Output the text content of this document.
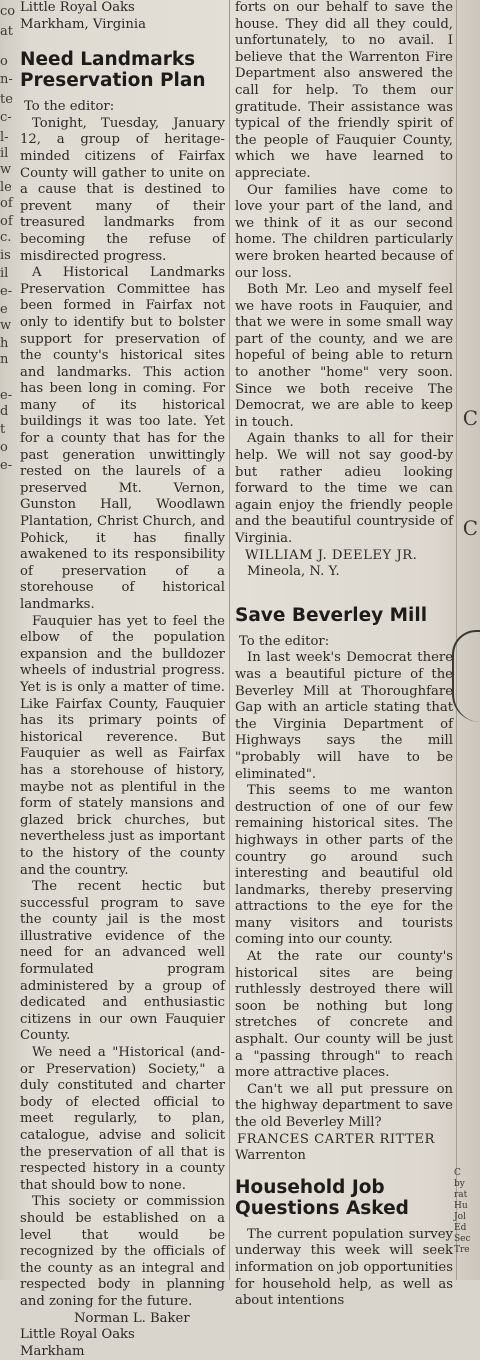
co
at
o
n-
te
c-
l-
il
w
le
of
of
c.
is
il
e-
e
w
h
n
e-
d
t
o
e-

Little Royal Oaks

Markham, Virginia

Need Landmarks Preservation Plan

To the editor:

Tonight, Tuesday, January 12, a group of heritage-minded citizens of Fairfax County will gather to unite on a cause that is destined to prevent many of their treasured landmarks from becoming the refuse of misdirected progress.

A Historical Landmarks Preservation Committee has been formed in Fairfax not only to identify but to bolster support for preservation of the county's historical sites and landmarks. This action has been long in coming. For many of its historical buildings it was too late. Yet for a county that has for the past generation unwittingly rested on the laurels of a preserved Mt. Vernon, Gunston Hall, Woodlawn Plantation, Christ Church, and Pohick, it has finally awakened to its responsibility of preservation of a storehouse of historical landmarks.

Fauquier has yet to feel the elbow of the population expansion and the bulldozer wheels of industrial progress. Yet is is only a matter of time. Like Fairfax County, Fauquier has its primary points of historical reverence. But Fauquier as well as Fairfax has a storehouse of history, maybe not as plentiful in the form of stately mansions and glazed brick churches, but nevertheless just as important to the history of the county and the country.

The recent hectic but successful program to save the county jail is the most illustrative evidence of the need for an advanced well formulated program administered by a group of dedicated and enthusiastic citizens in our own Fauquier County.

We need a "Historical (and-or Preservation) Society," a duly constituted and charter body of elected official to meet regularly, to plan, catalogue, advise and solicit the preservation of all that is respected history in a county that should bow to none.

This society or commission should be established on a level that would be recognized by the officials of the county as an integral and respected body in planning and zoning for the future.

Norman L. Baker

Little Royal Oaks

Markham

forts on our behalf to save the house. They did all they could, unfortunately, to no avail. I believe that the Warrenton Fire Department also answered the call for help. To them our gratitude. Their assistance was typical of the friendly spirit of the people of Fauquier County, which we have learned to appreciate.

Our families have come to love your part of the land, and we think of it as our second home. The children particularly were broken hearted because of our loss.

Both Mr. Leo and myself feel we have roots in Fauquier, and that we were in some small way part of the county, and we are hopeful of being able to return to another "home" very soon. Since we both receive The Democrat, we are able to keep in touch.

Again thanks to all for their help. We will not say good-by but rather adieu looking forward to the time we can again enjoy the friendly people and the beautiful countryside of Virginia.

WILLIAM J. DEELEY JR.

Mineola, N. Y.

Save Beverley Mill

To the editor:

In last week's Democrat there was a beautiful picture of the Beverley Mill at Thoroughfare Gap with an article stating that the Virginia Department of Highways says the mill "probably will have to be eliminated".

This seems to me wanton destruction of one of our few remaining historical sites. The highways in other parts of the country go around such interesting and beautiful old landmarks, thereby preserving attractions to the eye for the many visitors and tourists coming into our county.

At the rate our county's historical sites are being ruthlessly destroyed there will soon be nothing but long stretches of concrete and asphalt. Our county will be just a "passing through" to reach more attractive places.

Can't we all put pressure on the highway department to save the old Beverley Mill?

FRANCES CARTER RITTER

Warrenton

Household Job Questions Asked

The current population survey underway this week will seek information on job opportunities for household help, as well as about intentions

C
C
C
by
rat
Hu
Jol
Ed
Sec
Tre
